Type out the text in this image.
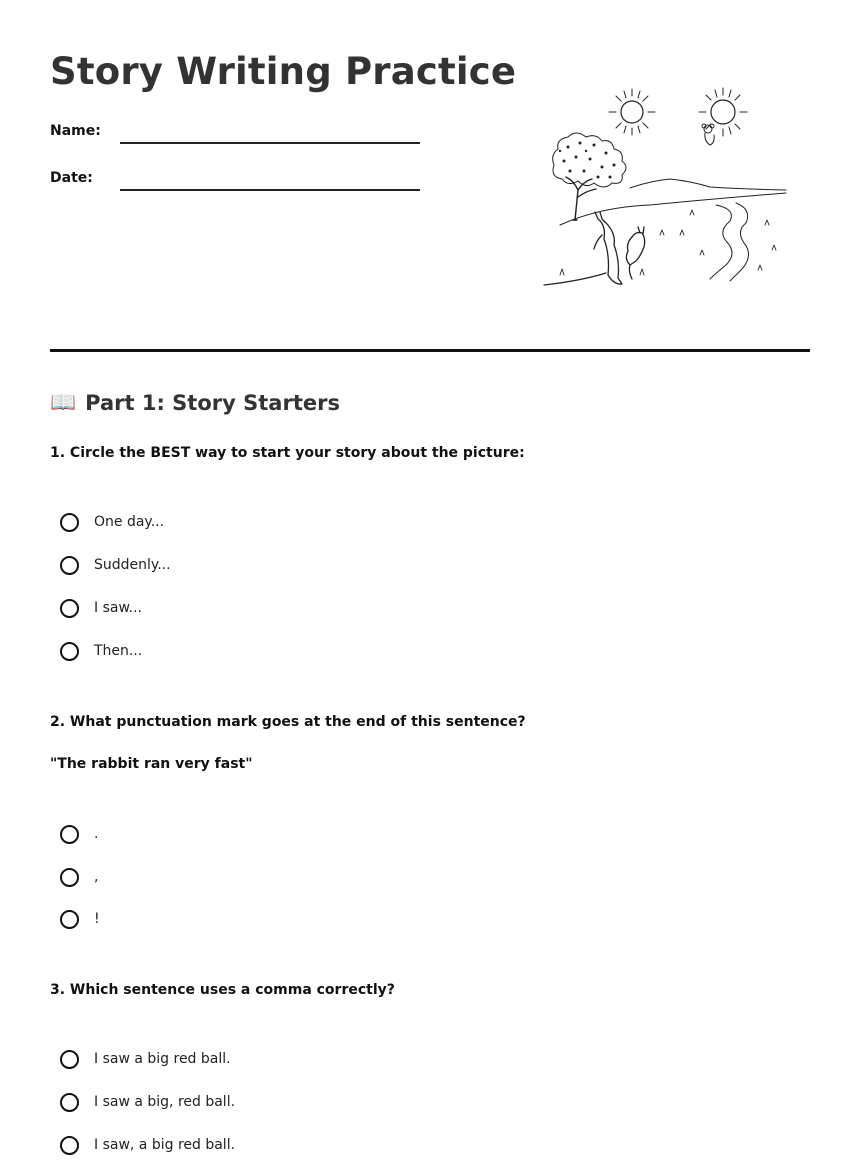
Story Writing Practice
Name:
Date:
📖 Part 1: Story Starters

1. Circle the BEST way to start your story about the picture:

One day...
Suddenly...
I saw...
Then...

2. What punctuation mark goes at the end of this sentence?

"The rabbit ran very fast"

.
,
!

3. Which sentence uses a comma correctly?

I saw a big red ball.
I saw a big, red ball.
I saw, a big red ball.
